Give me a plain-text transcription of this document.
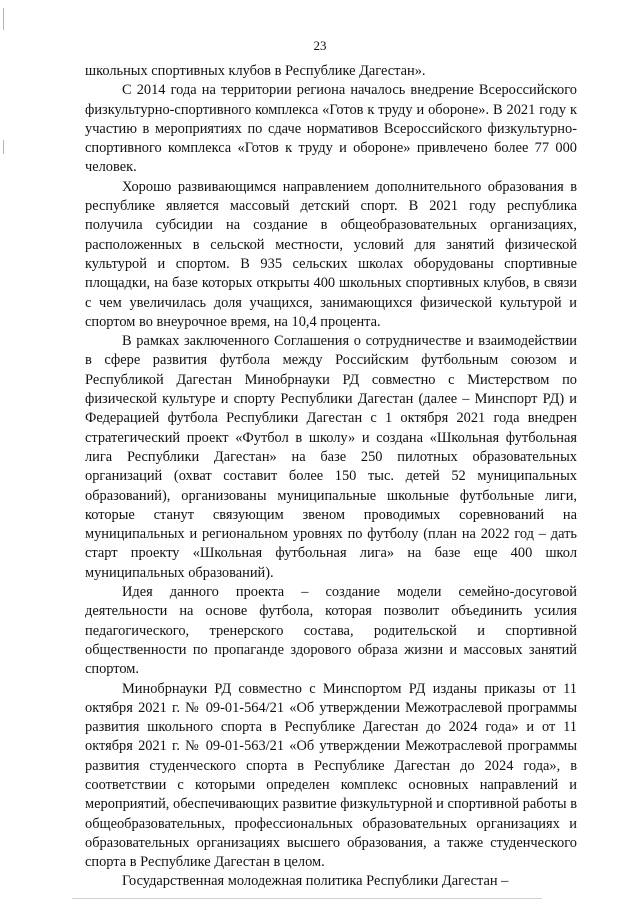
23

школьных спортивных клубов в Республике Дагестан».

С 2014 года на территории региона началось внедрение Всероссийского физкультурно-спортивного комплекса «Готов к труду и обороне». В 2021 году к участию в мероприятиях по сдаче нормативов Всероссийского физкультурно-спортивного комплекса «Готов к труду и обороне» привлечено более 77 000 человек.

Хорошо развивающимся направлением дополнительного образования в республике является массовый детский спорт. В 2021 году республика получила субсидии на создание в общеобразовательных организациях, расположенных в сельской местности, условий для занятий физической культурой и спортом. В 935 сельских школах оборудованы спортивные площадки, на базе которых открыты 400 школьных спортивных клубов, в связи с чем увеличилась доля учащихся, занимающихся физической культурой и спортом во внеурочное время, на 10,4 процента.

В рамках заключенного Соглашения о сотрудничестве и взаимодействии в сфере развития футбола между Российским футбольным союзом и Республикой Дагестан Минобрнауки РД совместно с Мистерством по физической культуре и спорту Республики Дагестан (далее – Минспорт РД) и Федерацией футбола Республики Дагестан с 1 октября 2021 года внедрен стратегический проект «Футбол в школу» и создана «Школьная футбольная лига Республики Дагестан» на базе 250 пилотных образовательных организаций (охват составит более 150 тыс. детей 52 муниципальных образований), организованы муниципальные школьные футбольные лиги, которые станут связующим звеном проводимых соревнований на муниципальных и региональном уровнях по футболу (план на 2022 год – дать старт проекту «Школьная футбольная лига» на базе еще 400 школ муниципальных образований).

Идея данного проекта – создание модели семейно-досуговой деятельности на основе футбола, которая позволит объединить усилия педагогического, тренерского состава, родительской и спортивной общественности по пропаганде здорового образа жизни и массовых занятий спортом.

Минобрнауки РД совместно с Минспортом РД изданы приказы от 11 октября 2021 г. № 09-01-564/21 «Об утверждении Межотраслевой программы развития школьного спорта в Республике Дагестан до 2024 года» и от 11 октября 2021 г. № 09-01-563/21 «Об утверждении Межотраслевой программы развития студенческого спорта в Республике Дагестан до 2024 года», в соответствии с которыми определен комплекс основных направлений и мероприятий, обеспечивающих развитие физкультурной и спортивной работы в общеобразовательных, профессиональных образовательных организациях и образовательных организациях высшего образования, а также студенческого спорта в Республике Дагестан в целом.

Государственная молодежная политика Республики Дагестан –
